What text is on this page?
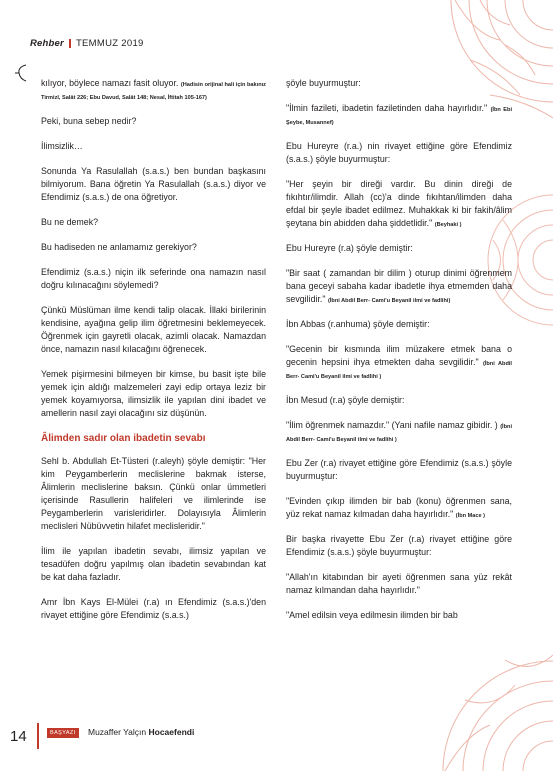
Rehber TEMMUZ 2019

kılıyor, böylece namazı fasit oluyor. (Hadisin orijinal hali için bakınız Tirmizî, Salât 226; Ebu Davud, Salât 148; Nesaî, İftitah 105-167)

Peki, buna sebep nedir?

İlimsizlik…

Sonunda Ya Rasulallah (s.a.s.) ben bundan başkasını bilmiyorum. Bana öğretin Ya Rasulallah (s.a.s.) diyor ve Efendimiz (s.a.s.) de ona öğretiyor.

Bu ne demek?

Bu hadiseden ne anlamamız gerekiyor?

Efendimiz (s.a.s.) niçin ilk seferinde ona namazın nasıl doğru kılınacağını söylemedi?

Çünkü Müslüman ilme kendi talip olacak. İllaki birilerinin kendisine, ayağına gelip ilim öğretmesini beklemeyecek. Öğrenmek için gayretli olacak, azimli olacak. Namazdan önce, namazın nasıl kılacağını öğrenecek.

Yemek pişirmesini bilmeyen bir kimse, bu basit işte bile yemek için aldığı malzemeleri zayi edip ortaya leziz bir yemek koyamıyorsa, ilimsizlik ile yapılan dini ibadet ve amellerin nasıl zayi olacağını siz düşünün.

Âlimden sadır olan ibadetin sevabı

Sehl b. Abdullah Et-Tüsteri (r.aleyh) şöyle demiştir: "Her kim Peygamberlerin meclislerine bakmak isterse, Âlimlerin meclislerine baksın. Çünkü onlar ümmetleri içerisinde Rasullerin halifeleri ve ilimlerinde ise Peygamberlerin varisleridirler. Dolayısıyla Âlimlerin meclisleri Nübüvvetin hilafet meclisleridir."

İlim ile yapılan ibadetin sevabı, ilimsiz yapılan ve tesadüfen doğru yapılmış olan ibadetin sevabından kat be kat daha fazladır.

Amr İbn Kays El-Mülei (r.a) ın Efendimiz (s.a.s.)'den rivayet ettiğine göre Efendimiz (s.a.s.)

şöyle buyurmuştur:

"İlmin fazileti, ibadetin faziletinden daha hayırlıdır." (İbn Ebi Şeybe, Musannef)

Ebu Hureyre (r.a.) nin rivayet ettiğine göre Efendimiz (s.a.s.) şöyle buyurmuştur:

"Her şeyin bir direği vardır. Bu dinin direği de fıkıhtır/ilimdir. Allah (cc)'a dinde fıkıhtan/ilimden daha efdal bir şeyle ibadet edilmez. Muhakkak ki bir fakih/âlim şeytana bin abidden daha şiddetlidir." (Beyhaki )

Ebu Hureyre (r.a) şöyle demiştir:

"Bir saat ( zamandan bir dilim ) oturup dinimi öğrenmem bana geceyi sabaha kadar ibadetle ihya etmemden daha sevgilidir." (İbni Abdil Berr- Cami'u Beyanil ilmi ve fadlihi)

İbn Abbas (r.anhuma) şöyle demiştir:

"Gecenin bir kısmında ilim müzakere etmek bana o gecenin hepsini ihya etmekten daha sevgilidir." (İbni Abdil Berr- Cami'u Beyanil ilmi ve fadlihi )

İbn Mesud (r.a) şöyle demiştir:

"İlim öğrenmek namazdır." (Yani nafile namaz gibidir. ) (İbni Abdil Berr- Cami'u Beyanil ilmi ve fadlihi )

Ebu Zer (r.a) rivayet ettiğine göre Efendimiz (s.a.s.) şöyle buyurmuştur:

"Evinden çıkıp ilimden bir bab (konu) öğrenmen sana, yüz rekat namaz kılmadan daha hayırlıdır." (İbn Mace )

Bir başka rivayette Ebu Zer (r.a) rivayet ettiğine göre Efendimiz (s.a.s.) şöyle buyurmuştur:

"Allah'ın kitabından bir ayeti öğrenmen sana yüz rekât namaz kılmandan daha hayırlıdır."

"Amel edilsin veya edilmesin ilimden bir bab

14	BAŞYAZI	Muzaffer Yalçın Hocaefendi
